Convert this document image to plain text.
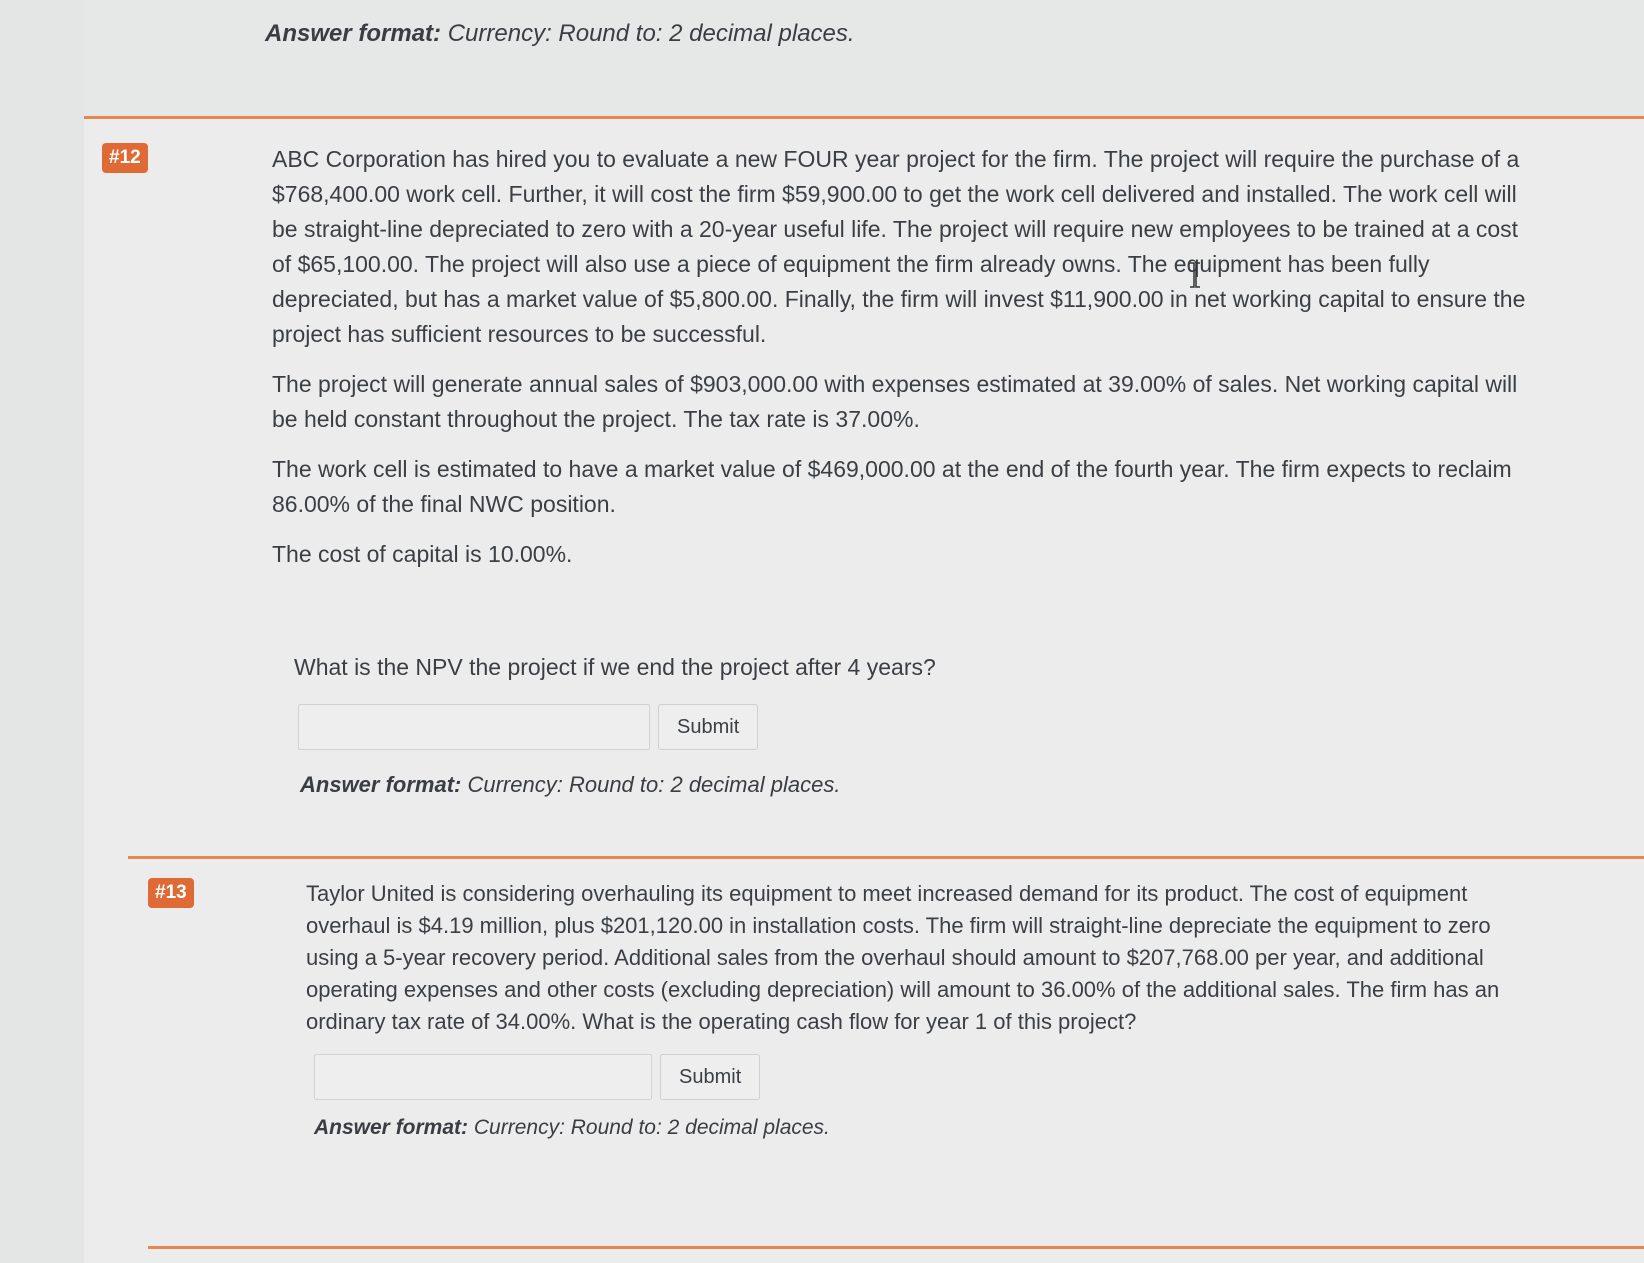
Answer format: Currency: Round to: 2 decimal places.
#12	ABC Corporation has hired you to evaluate a new FOUR year project for the firm. The project will require the purchase of a $768,400.00 work cell. Further, it will cost the firm $59,900.00 to get the work cell delivered and installed. The work cell will be straight-line depreciated to zero with a 20-year useful life. The project will require new employees to be trained at a cost of $65,100.00. The project will also use a piece of equipment the firm already owns. The equipment has been fully depreciated, but has a market value of $5,800.00. Finally, the firm will invest $11,900.00 in net working capital to ensure the project has sufficient resources to be successful.

The project will generate annual sales of $903,000.00 with expenses estimated at 39.00% of sales. Net working capital will be held constant throughout the project. The tax rate is 37.00%.

The work cell is estimated to have a market value of $469,000.00 at the end of the fourth year. The firm expects to reclaim 86.00% of the final NWC position.

The cost of capital is 10.00%.

What is the NPV the project if we end the project after 4 years?

Submit
Answer format: Currency: Round to: 2 decimal places.
#13	Taylor United is considering overhauling its equipment to meet increased demand for its product. The cost of equipment overhaul is $4.19 million, plus $201,120.00 in installation costs. The firm will straight-line depreciate the equipment to zero using a 5-year recovery period. Additional sales from the overhaul should amount to $207,768.00 per year, and additional operating expenses and other costs (excluding depreciation) will amount to 36.00% of the additional sales. The firm has an ordinary tax rate of 34.00%. What is the operating cash flow for year 1 of this project?

Submit
Answer format: Currency: Round to: 2 decimal places.
